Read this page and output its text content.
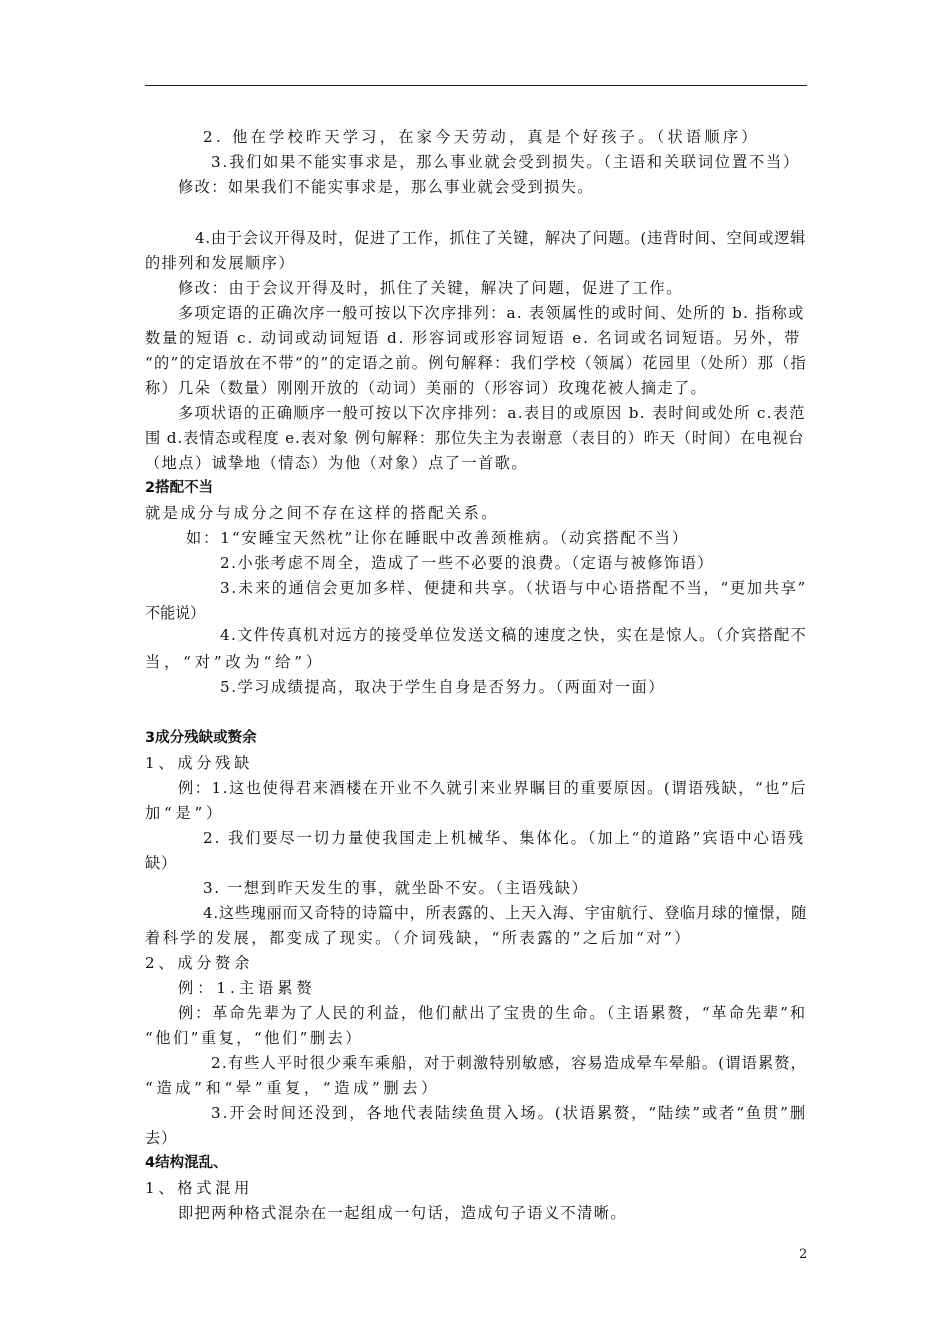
2. 他在学校昨天学习，在家今天劳动，真是个好孩子。（状语顺序）
3.我们如果不能实事求是，那么事业就会受到损失。（主语和关联词位置不当）
修改：如果我们不能实事求是，那么事业就会受到损失。
4.由于会议开得及时，促进了工作，抓住了关键，解决了问题。(违背时间、空间或逻辑
的排列和发展顺序）
修改：由于会议开得及时，抓住了关键，解决了问题，促进了工作。
多项定语的正确次序一般可按以下次序排列：a. 表领属性的或时间、处所的 b. 指称或
数量的短语 c. 动词或动词短语 d. 形容词或形容词短语 e. 名词或名词短语。另外，带
“的”的定语放在不带“的”的定语之前。例句解释：我们学校（领属）花园里（处所）那（指
称）几朵（数量）刚刚开放的（动词）美丽的（形容词）玫瑰花被人摘走了。
多项状语的正确顺序一般可按以下次序排列：a.表目的或原因 b. 表时间或处所 c.表范
围 d.表情态或程度 e.表对象 例句解释：那位失主为表谢意（表目的）昨天（时间）在电视台
（地点）诚挚地（情态）为他（对象）点了一首歌。
2搭配不当
就是成分与成分之间不存在这样的搭配关系。
如：1“安睡宝天然枕”让你在睡眠中改善颈椎病。（动宾搭配不当）
2.小张考虑不周全，造成了一些不必要的浪费。（定语与被修饰语）
3.未来的通信会更加多样、便捷和共享。（状语与中心语搭配不当，“更加共享”
不能说）
4.文件传真机对远方的接受单位发送文稿的速度之快，实在是惊人。（介宾搭配不
当，“对”改为“给”）
5.学习成绩提高，取决于学生自身是否努力。（两面对一面）
3成分残缺或赘余
1、成分残缺
例：1.这也使得君来酒楼在开业不久就引来业界瞩目的重要原因。(谓语残缺，“也”后
加“是”）
2. 我们要尽一切力量使我国走上机械华、集体化。（加上“的道路”宾语中心语残
缺）
3. 一想到昨天发生的事，就坐卧不安。（主语残缺）
4.这些瑰丽而又奇特的诗篇中，所表露的、上天入海、宇宙航行、登临月球的憧憬，随
着科学的发展，都变成了现实。（介词残缺，“所表露的”之后加“对”）
2、成分赘余
例：1.主语累赘
例：革命先辈为了人民的利益，他们献出了宝贵的生命。（主语累赘，“革命先辈”和
“他们”重复，“他们”删去）
2.有些人平时很少乘车乘船，对于刺激特别敏感，容易造成晕车晕船。(谓语累赘，
“造成”和“晕”重复，“造成”删去）
3.开会时间还没到，各地代表陆续鱼贯入场。(状语累赘，“陆续”或者“鱼贯”删
去）
4结构混乱、
1、格式混用
即把两种格式混杂在一起组成一句话，造成句子语义不清晰。
2
